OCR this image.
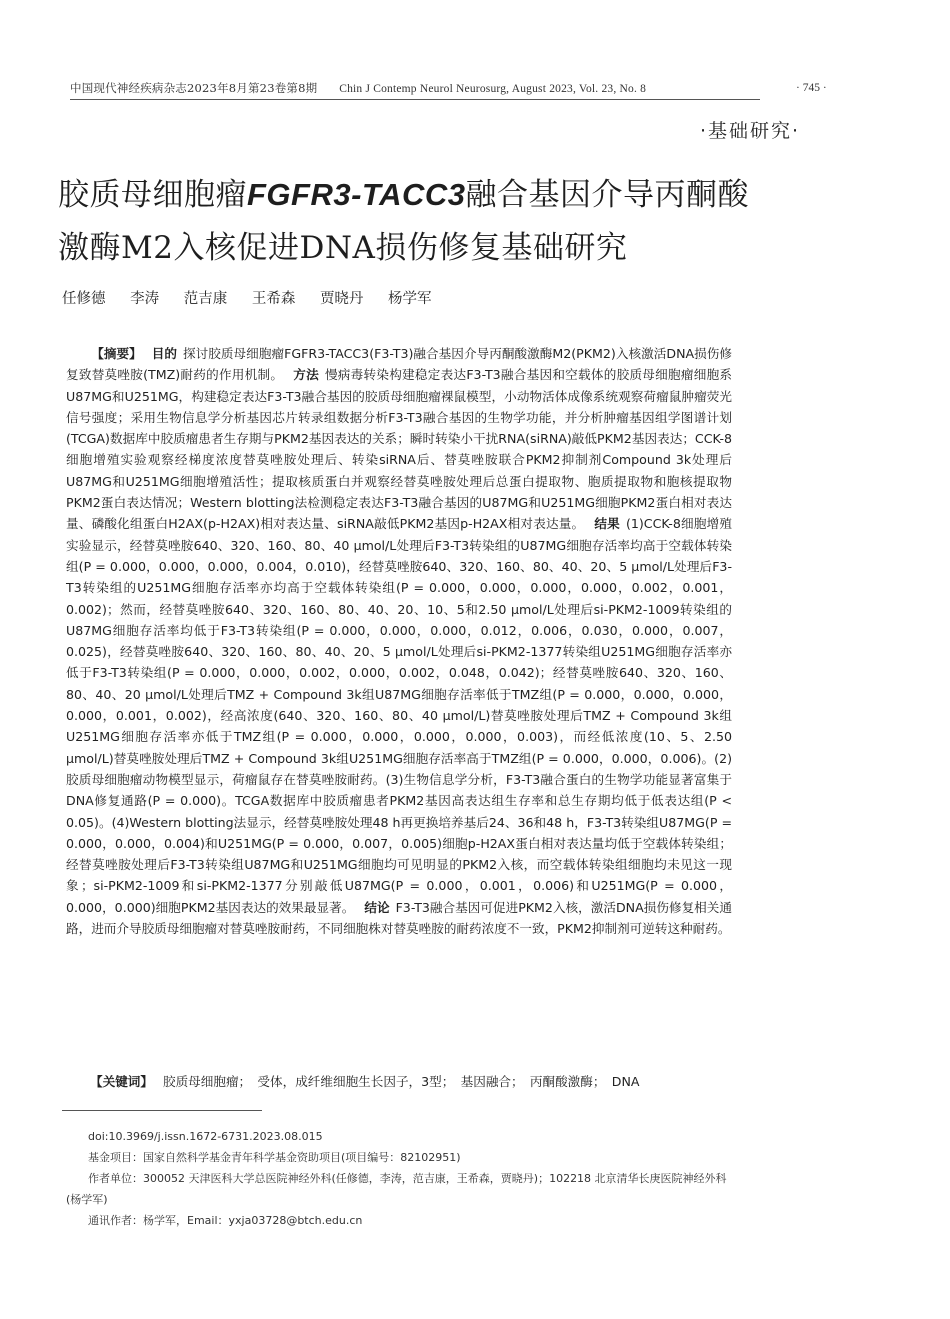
中国现代神经疾病杂志2023年8月第23卷第8期 Chin J Contemp Neurol Neurosurg, August 2023, Vol. 23, No. 8	· 745 ·
·基础研究·
胶质母细胞瘤FGFR3-TACC3融合基因介导丙酮酸
激酶M2入核促进DNA损伤修复基础研究
任修德 李涛 范吉康 王希森 贾晓丹 杨学军

【摘要】 目的 探讨胶质母细胞瘤FGFR3-TACC3(F3-T3)融合基因介导丙酮酸激酶M2(PKM2)入核激活DNA损伤修复致替莫唑胺(TMZ)耐药的作用机制。 方法 慢病毒转染构建稳定表达F3-T3融合基因和空载体的胶质母细胞瘤细胞系U87MG和U251MG，构建稳定表达F3-T3融合基因的胶质母细胞瘤裸鼠模型，小动物活体成像系统观察荷瘤鼠肿瘤荧光信号强度；采用生物信息学分析基因芯片转录组数据分析F3-T3融合基因的生物学功能，并分析肿瘤基因组学图谱计划(TCGA)数据库中胶质瘤患者生存期与PKM2基因表达的关系；瞬时转染小干扰RNA(siRNA)敲低PKM2基因表达；CCK-8细胞增殖实验观察经梯度浓度替莫唑胺处理后、转染siRNA后、替莫唑胺联合PKM2抑制剂Compound 3k处理后U87MG和U251MG细胞增殖活性；提取核质蛋白并观察经替莫唑胺处理后总蛋白提取物、胞质提取物和胞核提取物PKM2蛋白表达情况；Western blotting法检测稳定表达F3-T3融合基因的U87MG和U251MG细胞PKM2蛋白相对表达量、磷酸化组蛋白H2AX(p-H2AX)相对表达量、siRNA敲低PKM2基因p-H2AX相对表达量。 结果 (1)CCK-8细胞增殖实验显示，经替莫唑胺640、320、160、80、40 μmol/L处理后F3-T3转染组的U87MG细胞存活率均高于空载体转染组(P = 0.000，0.000，0.000，0.004，0.010)，经替莫唑胺640、320、160、80、40、20、5 μmol/L处理后F3-T3转染组的U251MG细胞存活率亦均高于空载体转染组(P = 0.000，0.000，0.000，0.000，0.002，0.001，0.002)；然而，经替莫唑胺640、320、160、80、40、20、10、5和2.50 μmol/L处理后si-PKM2-1009转染组的U87MG细胞存活率均低于F3-T3转染组(P = 0.000，0.000，0.000，0.012，0.006，0.030，0.000，0.007，0.025)，经替莫唑胺640、320、160、80、40、20、5 μmol/L处理后si-PKM2-1377转染组U251MG细胞存活率亦低于F3-T3转染组(P = 0.000，0.000，0.002，0.000，0.002，0.048，0.042)；经替莫唑胺640、320、160、80、40、20 μmol/L处理后TMZ + Compound 3k组U87MG细胞存活率低于TMZ组(P = 0.000，0.000，0.000，0.000，0.001，0.002)，经高浓度(640、320、160、80、40 μmol/L)替莫唑胺处理后TMZ + Compound 3k组U251MG细胞存活率亦低于TMZ组(P = 0.000，0.000，0.000，0.000，0.003)，而经低浓度(10、5、2.50 μmol/L)替莫唑胺处理后TMZ + Compound 3k组U251MG细胞存活率高于TMZ组(P = 0.000，0.000，0.006)。(2)胶质母细胞瘤动物模型显示，荷瘤鼠存在替莫唑胺耐药。(3)生物信息学分析，F3-T3融合蛋白的生物学功能显著富集于DNA修复通路(P = 0.000)。TCGA数据库中胶质瘤患者PKM2基因高表达组生存率和总生存期均低于低表达组(P < 0.05)。(4)Western blotting法显示，经替莫唑胺处理48 h再更换培养基后24、36和48 h，F3-T3转染组U87MG(P = 0.000，0.000，0.004)和U251MG(P = 0.000，0.007，0.005)细胞p-H2AX蛋白相对表达量均低于空载体转染组；经替莫唑胺处理后F3-T3转染组U87MG和U251MG细胞均可见明显的PKM2入核，而空载体转染组细胞均未见这一现象；si-PKM2-1009和si-PKM2-1377分别敲低U87MG(P = 0.000，0.001，0.006)和U251MG(P = 0.000，0.000，0.000)细胞PKM2基因表达的效果最显著。 结论 F3-T3融合基因可促进PKM2入核，激活DNA损伤修复相关通路，进而介导胶质母细胞瘤对替莫唑胺耐药，不同细胞株对替莫唑胺的耐药浓度不一致，PKM2抑制剂可逆转这种耐药。

【关键词】 胶质母细胞瘤；　受体，成纤维细胞生长因子，3型；　基因融合；　丙酮酸激酶；　DNA
doi:10.3969/j.issn.1672-6731.2023.08.015
基金项目：国家自然科学基金青年科学基金资助项目(项目编号：82102951)
作者单位：300052 天津医科大学总医院神经外科(任修德，李涛，范吉康，王希森，贾晓丹)；102218 北京清华长庚医院神经外科(杨学军)
通讯作者：杨学军，Email：yxja03728@btch.edu.cn
